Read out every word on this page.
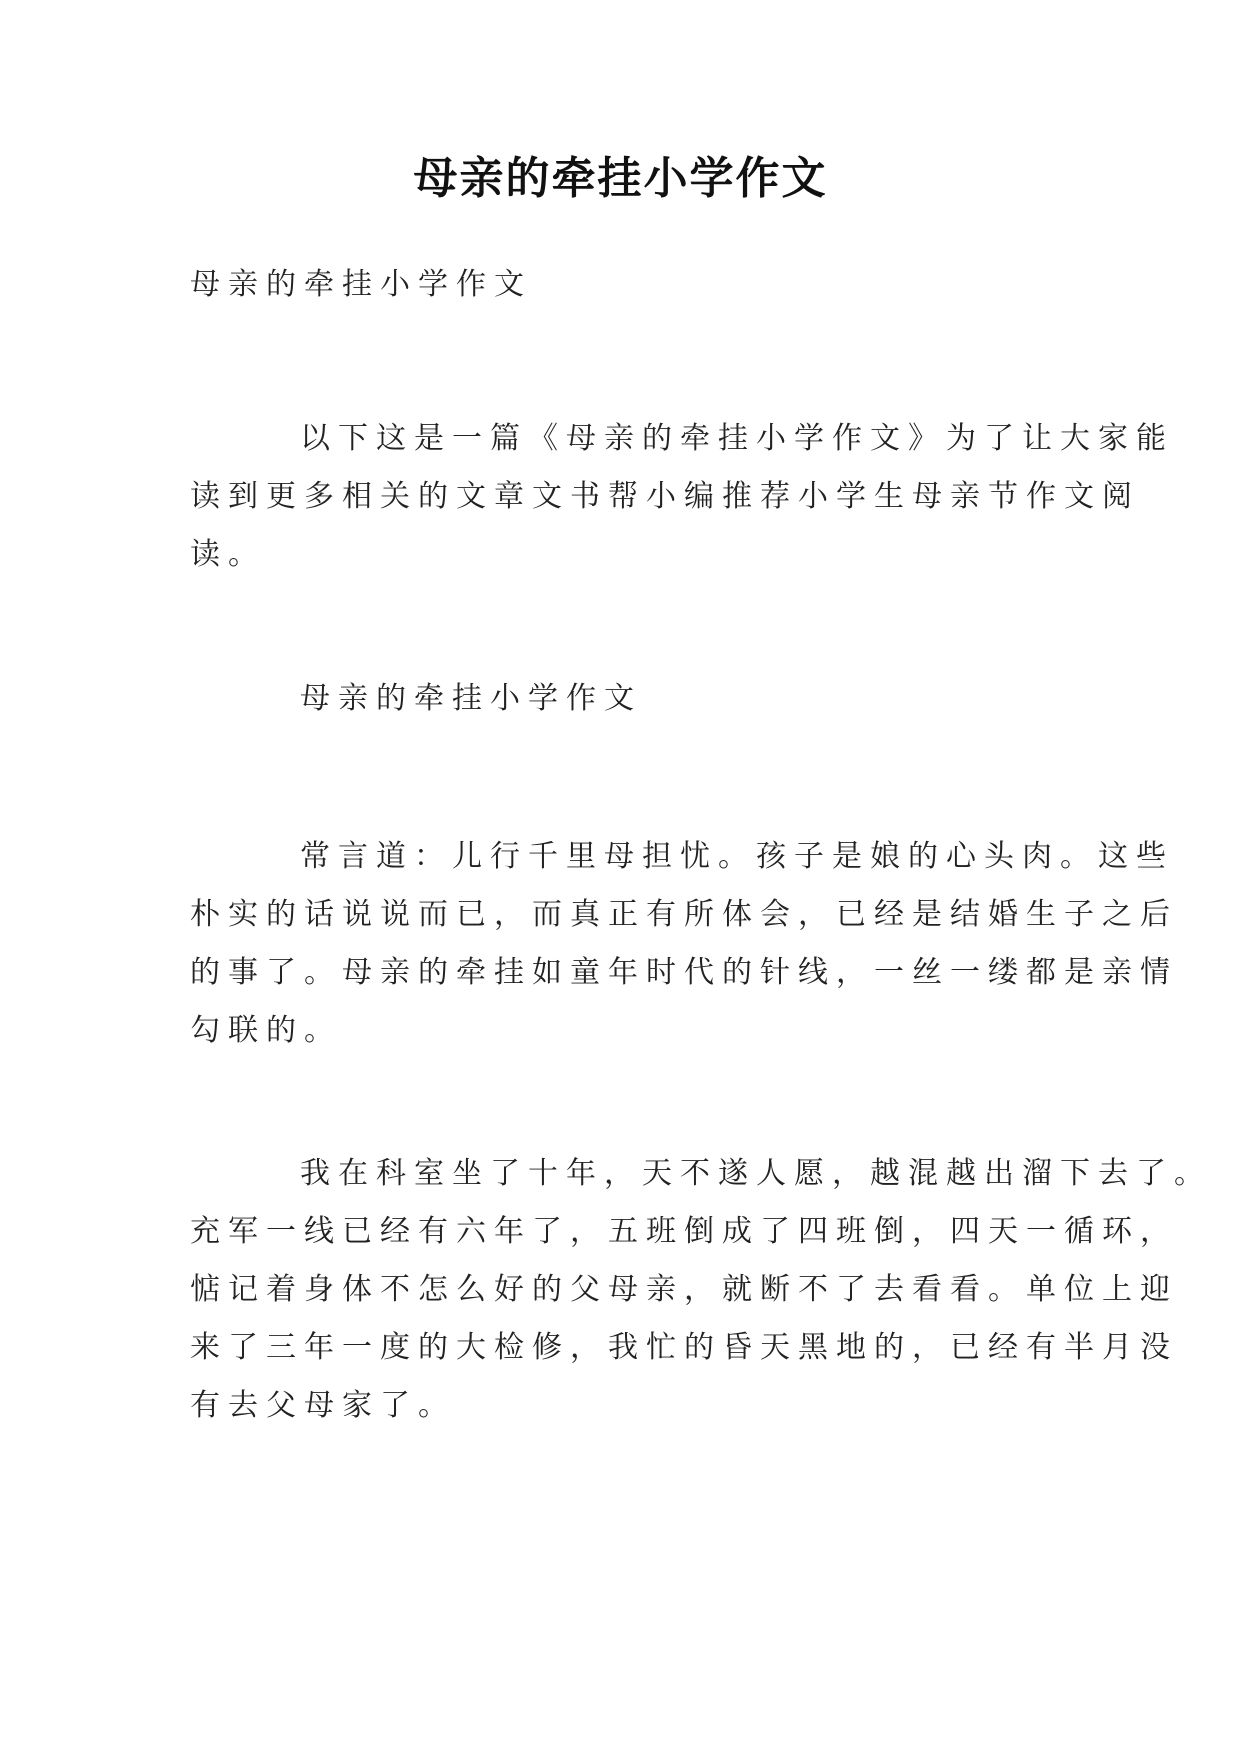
母亲的牵挂小学作文

母亲的牵挂小学作文

以下这是一篇《母亲的牵挂小学作文》为了让大家能
读到更多相关的文章文书帮小编推荐小学生母亲节作文阅
读。

母亲的牵挂小学作文

常言道：儿行千里母担忧。孩子是娘的心头肉。这些
朴实的话说说而已，而真正有所体会，已经是结婚生子之后
的事了。母亲的牵挂如童年时代的针线，一丝一缕都是亲情
勾联的。

我在科室坐了十年，天不遂人愿，越混越出溜下去了。
充军一线已经有六年了，五班倒成了四班倒，四天一循环，
惦记着身体不怎么好的父母亲，就断不了去看看。单位上迎
来了三年一度的大检修，我忙的昏天黑地的，已经有半月没
有去父母家了。
